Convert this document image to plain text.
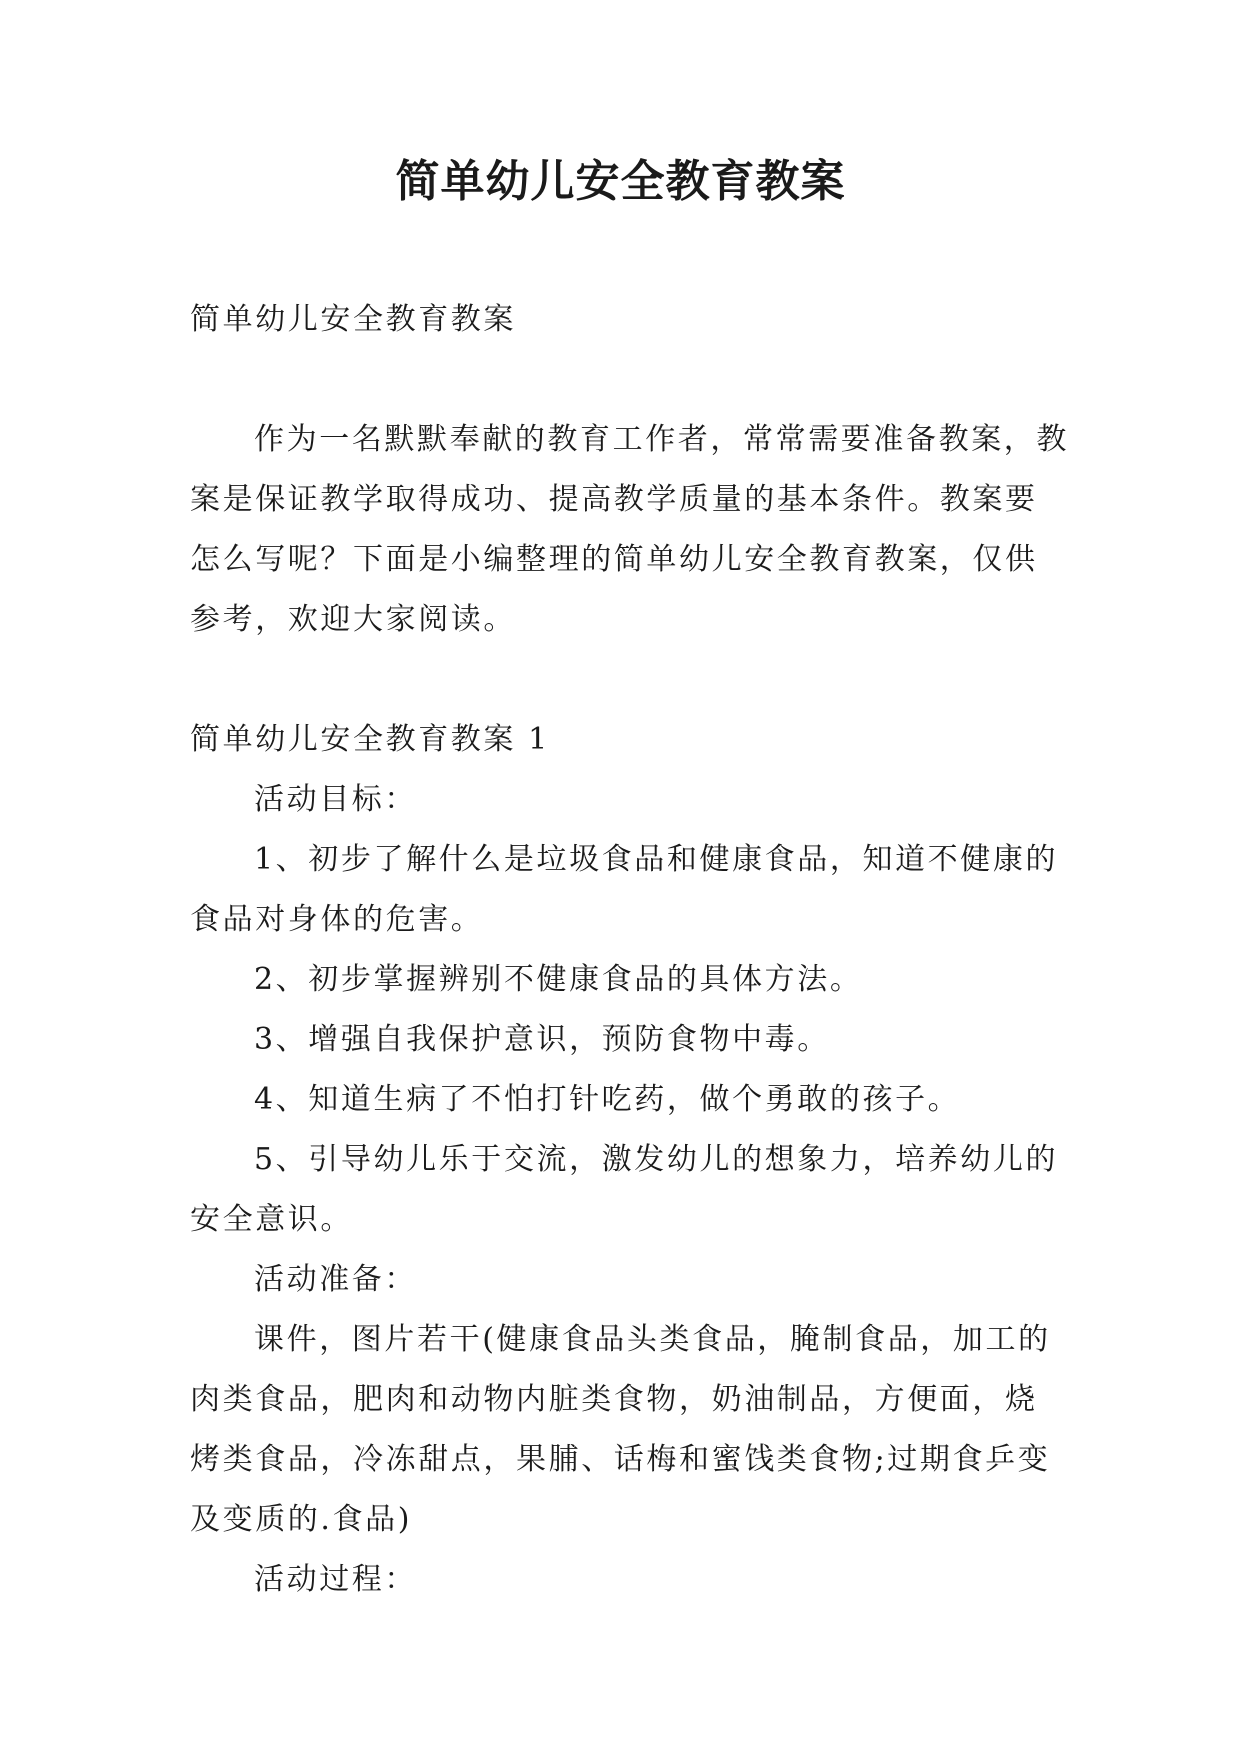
简单幼儿安全教育教案

简单幼儿安全教育教案

作为一名默默奉献的教育工作者，常常需要准备教案，教案是保证教学取得成功、提高教学质量的基本条件。教案要怎么写呢？下面是小编整理的简单幼儿安全教育教案，仅供参考，欢迎大家阅读。

简单幼儿安全教育教案 1

活动目标：

1、初步了解什么是垃圾食品和健康食品，知道不健康的食品对身体的危害。

2、初步掌握辨别不健康食品的具体方法。

3、增强自我保护意识，预防食物中毒。

4、知道生病了不怕打针吃药，做个勇敢的孩子。

5、引导幼儿乐于交流，激发幼儿的想象力，培养幼儿的安全意识。

活动准备：

课件，图片若干(健康食品头类食品，腌制食品，加工的肉类食品，肥肉和动物内脏类食物，奶油制品，方便面，烧烤类食品，冷冻甜点，果脯、话梅和蜜饯类食物;过期食乒变及变质的.食品)

活动过程：
